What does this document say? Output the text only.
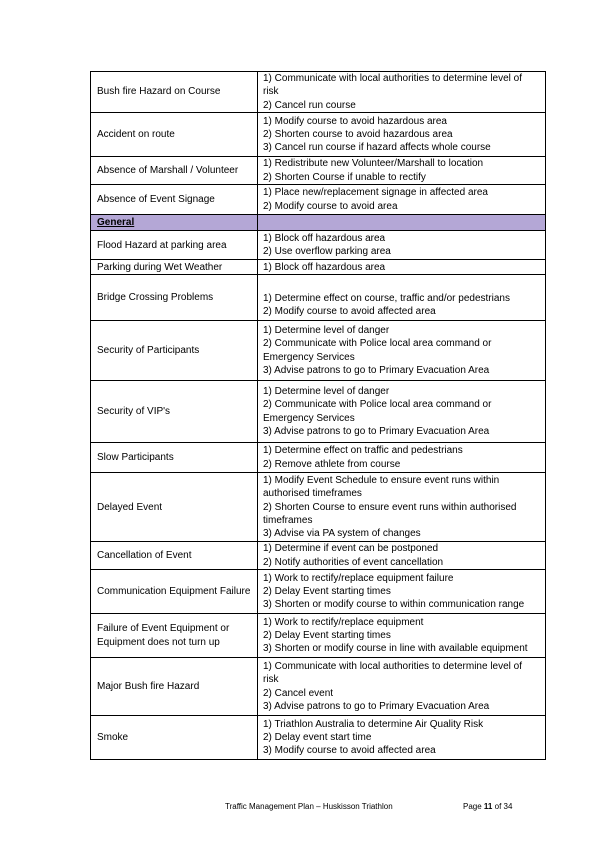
Bush fire Hazard on Course	1) Communicate with local authorities to determine level of risk
2) Cancel run course

Accident on route	1) Modify course to avoid hazardous area
2) Shorten course to avoid hazardous area
3) Cancel run course if hazard affects whole course

Absence of Marshall / Volunteer	1) Redistribute new Volunteer/Marshall to location
2) Shorten Course if unable to rectify

Absence of Event Signage	1) Place new/replacement signage in affected area
2) Modify course to avoid area

General	
Flood Hazard at parking area	1) Block off hazardous area
2) Use overflow parking area

Parking during Wet Weather	1) Block off hazardous area

Bridge Crossing Problems	1) Determine effect on course, traffic and/or pedestrians
2) Modify course to avoid affected area

Security of Participants	1) Determine level of danger
2) Communicate with Police local area command or Emergency Services
3) Advise patrons to go to Primary Evacuation Area

Security of VIP's	1) Determine level of danger
2) Communicate with Police local area command or Emergency Services
3) Advise patrons to go to Primary Evacuation Area

Slow Participants	1) Determine effect on traffic and pedestrians
2) Remove athlete from course

Delayed Event	1) Modify Event Schedule to ensure event runs within authorised timeframes
2) Shorten Course to ensure event runs within authorised timeframes
3) Advise via PA system of changes

Cancellation of Event	1) Determine if event can be postponed
2) Notify authorities of event cancellation

Communication Equipment Failure	1) Work to rectify/replace equipment failure
2) Delay Event starting times
3) Shorten or modify course to within communication range

Failure of Event Equipment or Equipment does not turn up	1) Work to rectify/replace equipment
2) Delay Event starting times
3) Shorten or modify course in line with available equipment

Major Bush fire Hazard	1) Communicate with local authorities to determine level of risk
2) Cancel event
3) Advise patrons to go to Primary Evacuation Area

Smoke	1) Triathlon Australia to determine Air Quality Risk
2) Delay event start time
3) Modify course to avoid affected area
Traffic Management Plan – Huskisson Triathlon	Page 11 of 34
